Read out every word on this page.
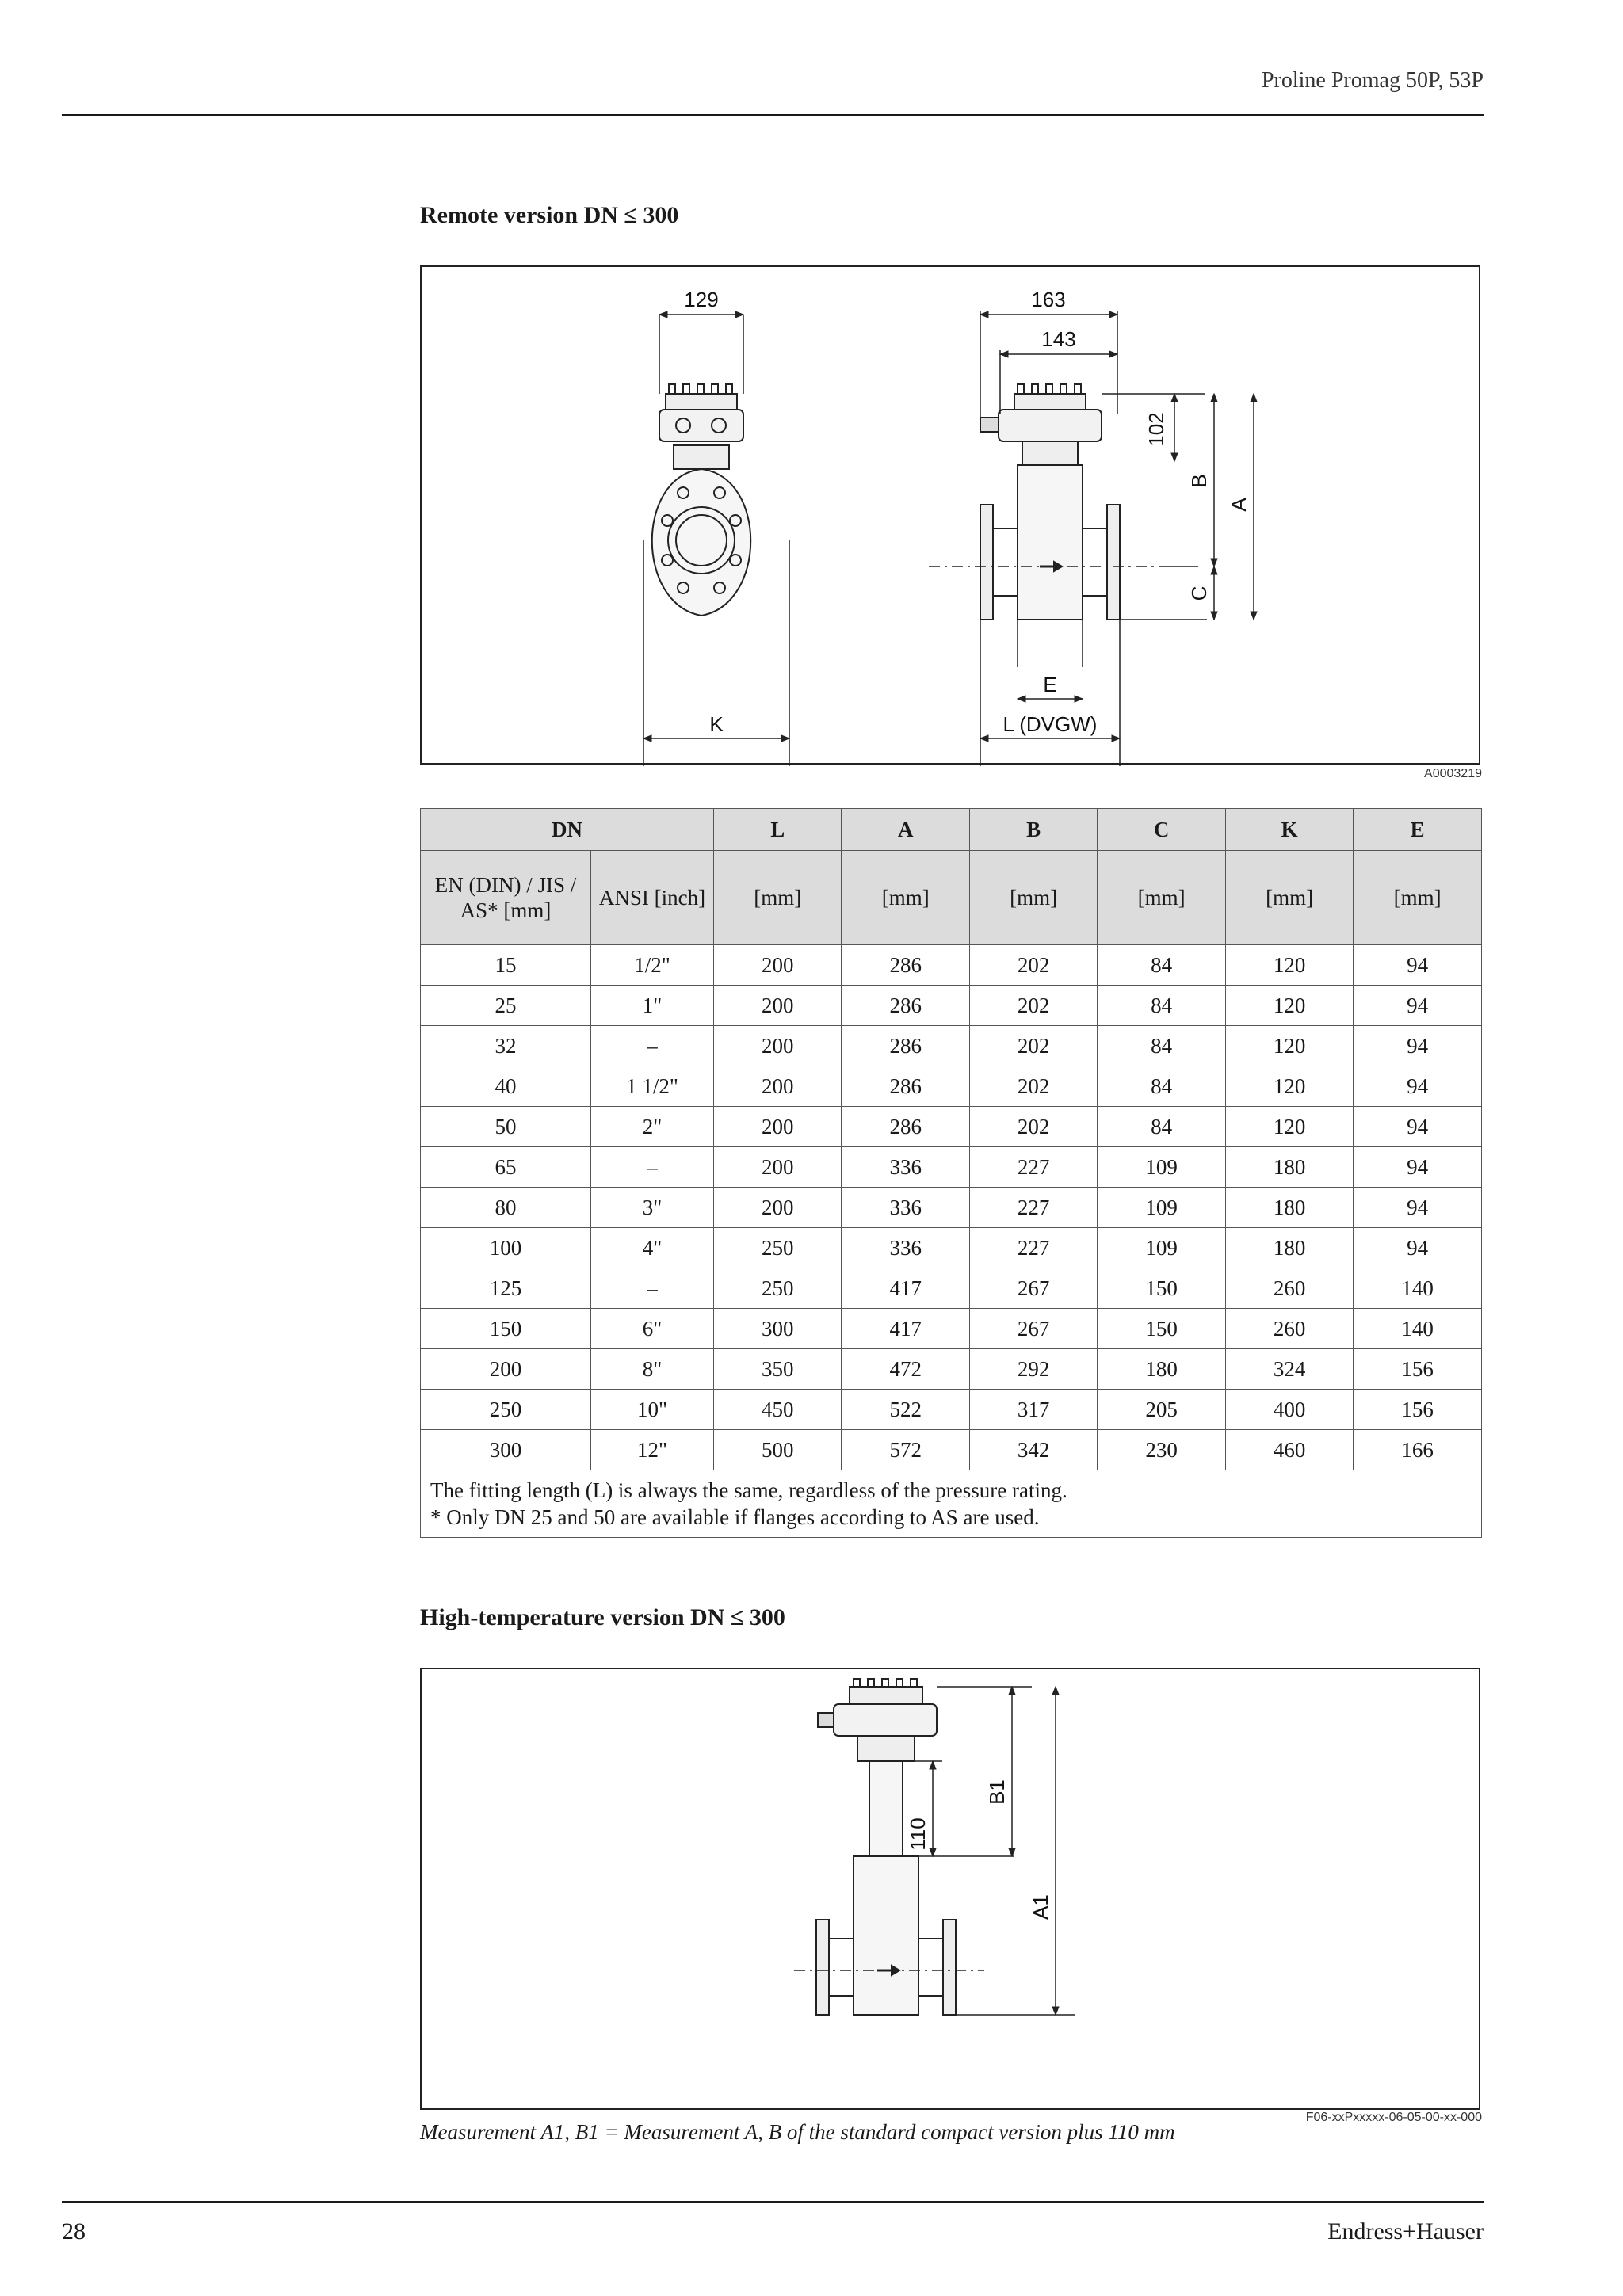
Proline Promag 50P, 53P
Remote version DN ≤ 300
129	163
143
102
B
A
C
E
K	L (DVGW)
A0003219
DN		L	A	B	C	K	E
EN (DIN) / JIS / AS* [mm]	ANSI [inch]	[mm]	[mm]	[mm]	[mm]	[mm]	[mm]
15	1/2"	200	286	202	84	120	94
25	1"	200	286	202	84	120	94
32	–	200	286	202	84	120	94
40	1 1/2"	200	286	202	84	120	94
50	2"	200	286	202	84	120	94
65	–	200	336	227	109	180	94
80	3"	200	336	227	109	180	94
100	4"	250	336	227	109	180	94
125	–	250	417	267	150	260	140
150	6"	300	417	267	150	260	140
200	8"	350	472	292	180	324	156
250	10"	450	522	317	205	400	156
300	12"	500	572	342	230	460	166

The fitting length (L) is always the same, regardless of the pressure rating.
* Only DN 25 and 50 are available if flanges according to AS are used.							
High-temperature version DN ≤ 300
110
B1
A1
F06-xxPxxxxx-06-05-00-xx-000
Measurement A1, B1 = Measurement A, B of the standard compact version plus 110 mm
28	Endress+Hauser
